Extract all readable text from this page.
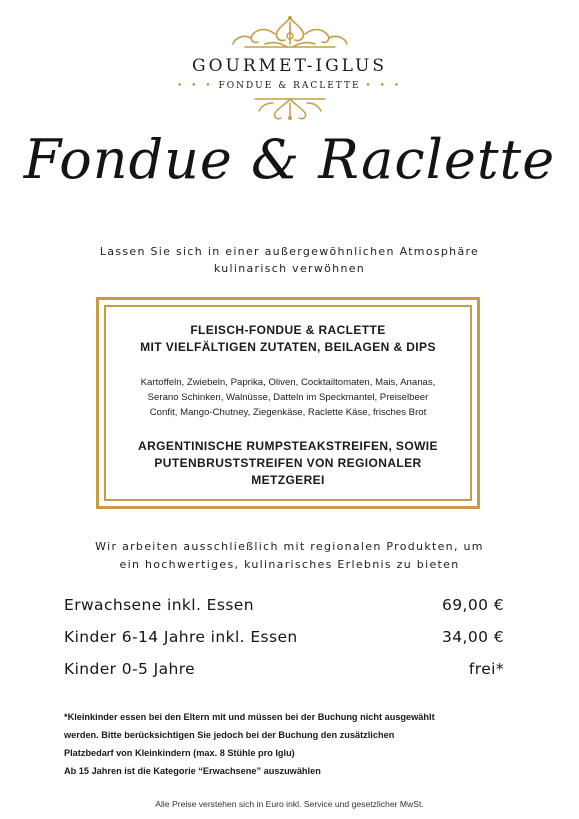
GOURMET-IGLUS
• • • FONDUE & RACLETTE • • •
Fondue & Raclette
Lassen Sie sich in einer außergewöhnlichen Atmosphäre
kulinarisch verwöhnen
FLEISCH-FONDUE & RACLETTE
MIT VIELFÄLTIGEN ZUTATEN, BEILAGEN & DIPS
Kartoffeln, Zwiebeln, Paprika, Oliven, Cocktailtomaten, Mais, Ananas,
Serano Schinken, Walnüsse, Datteln im Speckmantel, Preiselbeer
Confit, Mango-Chutney, Ziegenkäse, Raclette Käse, frisches Brot
ARGENTINISCHE RUMPSTEAKSTREIFEN, SOWIE
PUTENBRUSTSTREIFEN VON REGIONALER
METZGEREI
Wir arbeiten ausschließlich mit regionalen Produkten, um
ein hochwertiges, kulinarisches Erlebnis zu bieten
Erwachsene inkl. Essen	69,00 €
Kinder 6-14 Jahre inkl. Essen	34,00 €
Kinder 0-5 Jahre	frei*
*Kleinkinder essen bei den Eltern mit und müssen bei der Buchung nicht ausgewählt
werden. Bitte berücksichtigen Sie jedoch bei der Buchung den zusätzlichen
Platzbedarf von Kleinkindern (max. 8 Stühle pro Iglu)
Ab 15 Jahren ist die Kategorie “Erwachsene” auszuwählen
Alle Preise verstehen sich in Euro inkl. Service und gesetzlicher MwSt.
